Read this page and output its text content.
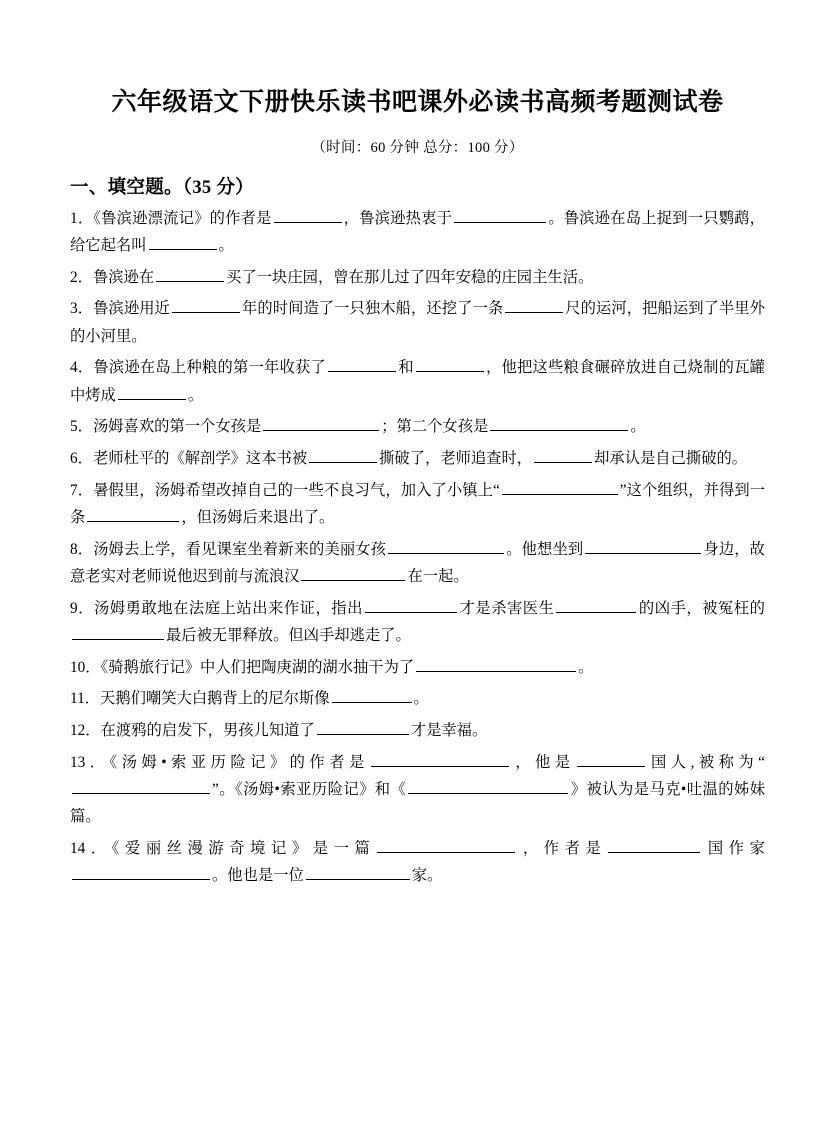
六年级语文下册快乐读书吧课外必读书高频考题测试卷
（时间：60 分钟 总分：100 分）
一、填空题。（35 分）

1．《鲁滨逊漂流记》的作者是	，鲁滨逊热衷于	。鲁滨逊在岛上捉到一只鹦鹉，给它起名叫	。

2．鲁滨逊在	买了一块庄园，曾在那儿过了四年安稳的庄园主生活。

3．鲁滨逊用近	年的时间造了一只独木船，还挖了一条	尺的运河，把船运到了半里外的小河里。

4．鲁滨逊在岛上种粮的第一年收获了	和	，他把这些粮食碾碎放进自己烧制的瓦罐中烤成	。

5．汤姆喜欢的第一个女孩是	；第二个女孩是	。

6．老师杜平的《解剖学》这本书被	撕破了，老师追查时，	却承认是自己撕破的。

7．暑假里，汤姆希望改掉自己的一些不良习气，加入了小镇上“	”这个组织，并得到一条	，但汤姆后来退出了。

8．汤姆去上学，看见课室坐着新来的美丽女孩	。他想坐到	身边，故意老实对老师说他迟到前与流浪汉	在一起。

9．汤姆勇敢地在法庭上站出来作证，指出	才是杀害医生	的凶手，被冤枉的最后被无罪释放。但凶手却逃走了。

10．《骑鹅旅行记》中人们把陶庚湖的湖水抽干为了	。

11．天鹅们嘲笑大白鹅背上的尼尔斯像	。

12．在渡鸦的启发下，男孩儿知道了	才是幸福。

13．《汤姆•索亚历险记》的作者是	，他是	国人,被称为“”。《汤姆•索亚历险记》和《	》被认为是马克•吐温的姊妹篇。

14．《爱丽丝漫游奇境记》是一篇	，作者是	国作家。他也是一位	家。
